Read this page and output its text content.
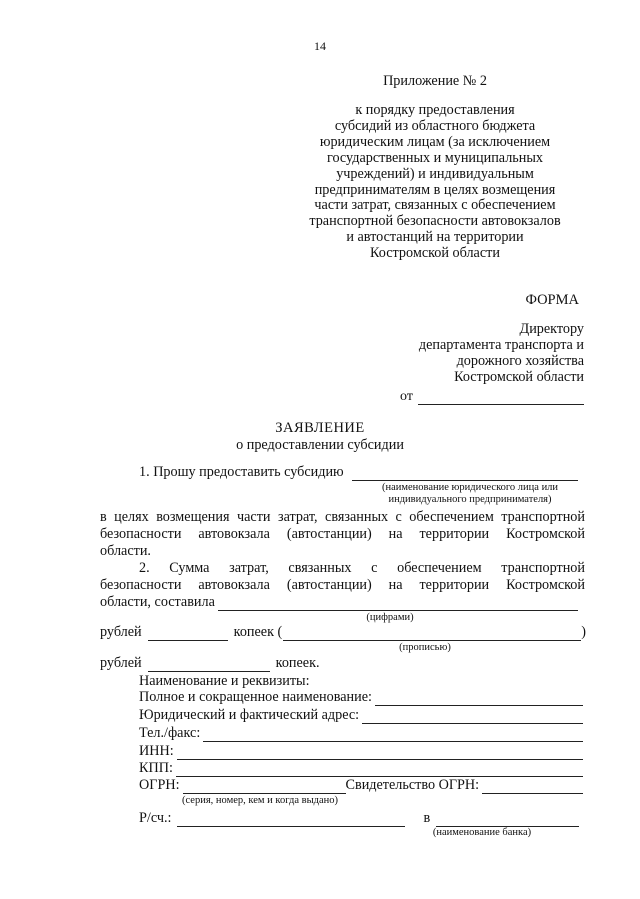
14
Приложение № 2
к порядку предоставления
субсидий из областного бюджета
юридическим лицам (за исключением
государственных и муниципальных
учреждений) и индивидуальным
предпринимателям в целях возмещения
части затрат, связанных с обеспечением
транспортной безопасности автовокзалов
и автостанций на территории
Костромской области
ФОРМА
Директору
департамента транспорта и
дорожного хозяйства
Костромской области
от
ЗАЯВЛЕНИЕ
о предоставлении субсидии
1. Прошу предоставить субсидию
(наименование юридического лица или
индивидуального предпринимателя)
в целях возмещения части затрат, связанных с обеспечением транспортной
безопасности автовокзала (автостанции) на территории Костромской
области.
2. Сумма затрат, связанных с обеспечением транспортной
безопасности автовокзала (автостанции) на территории Костромской
области, составила
(цифрами)
рублей	копеек (	)
(прописью)
рублей	копеек.
Наименование и реквизиты:
Полное и сокращенное наименование:
Юридический и фактический адрес:
Тел./факс:
ИНН:
КПП:
ОГРН:	Свидетельство ОГРН:
(серия, номер, кем и когда выдано)
Р/сч.:	в
(наименование банка)
